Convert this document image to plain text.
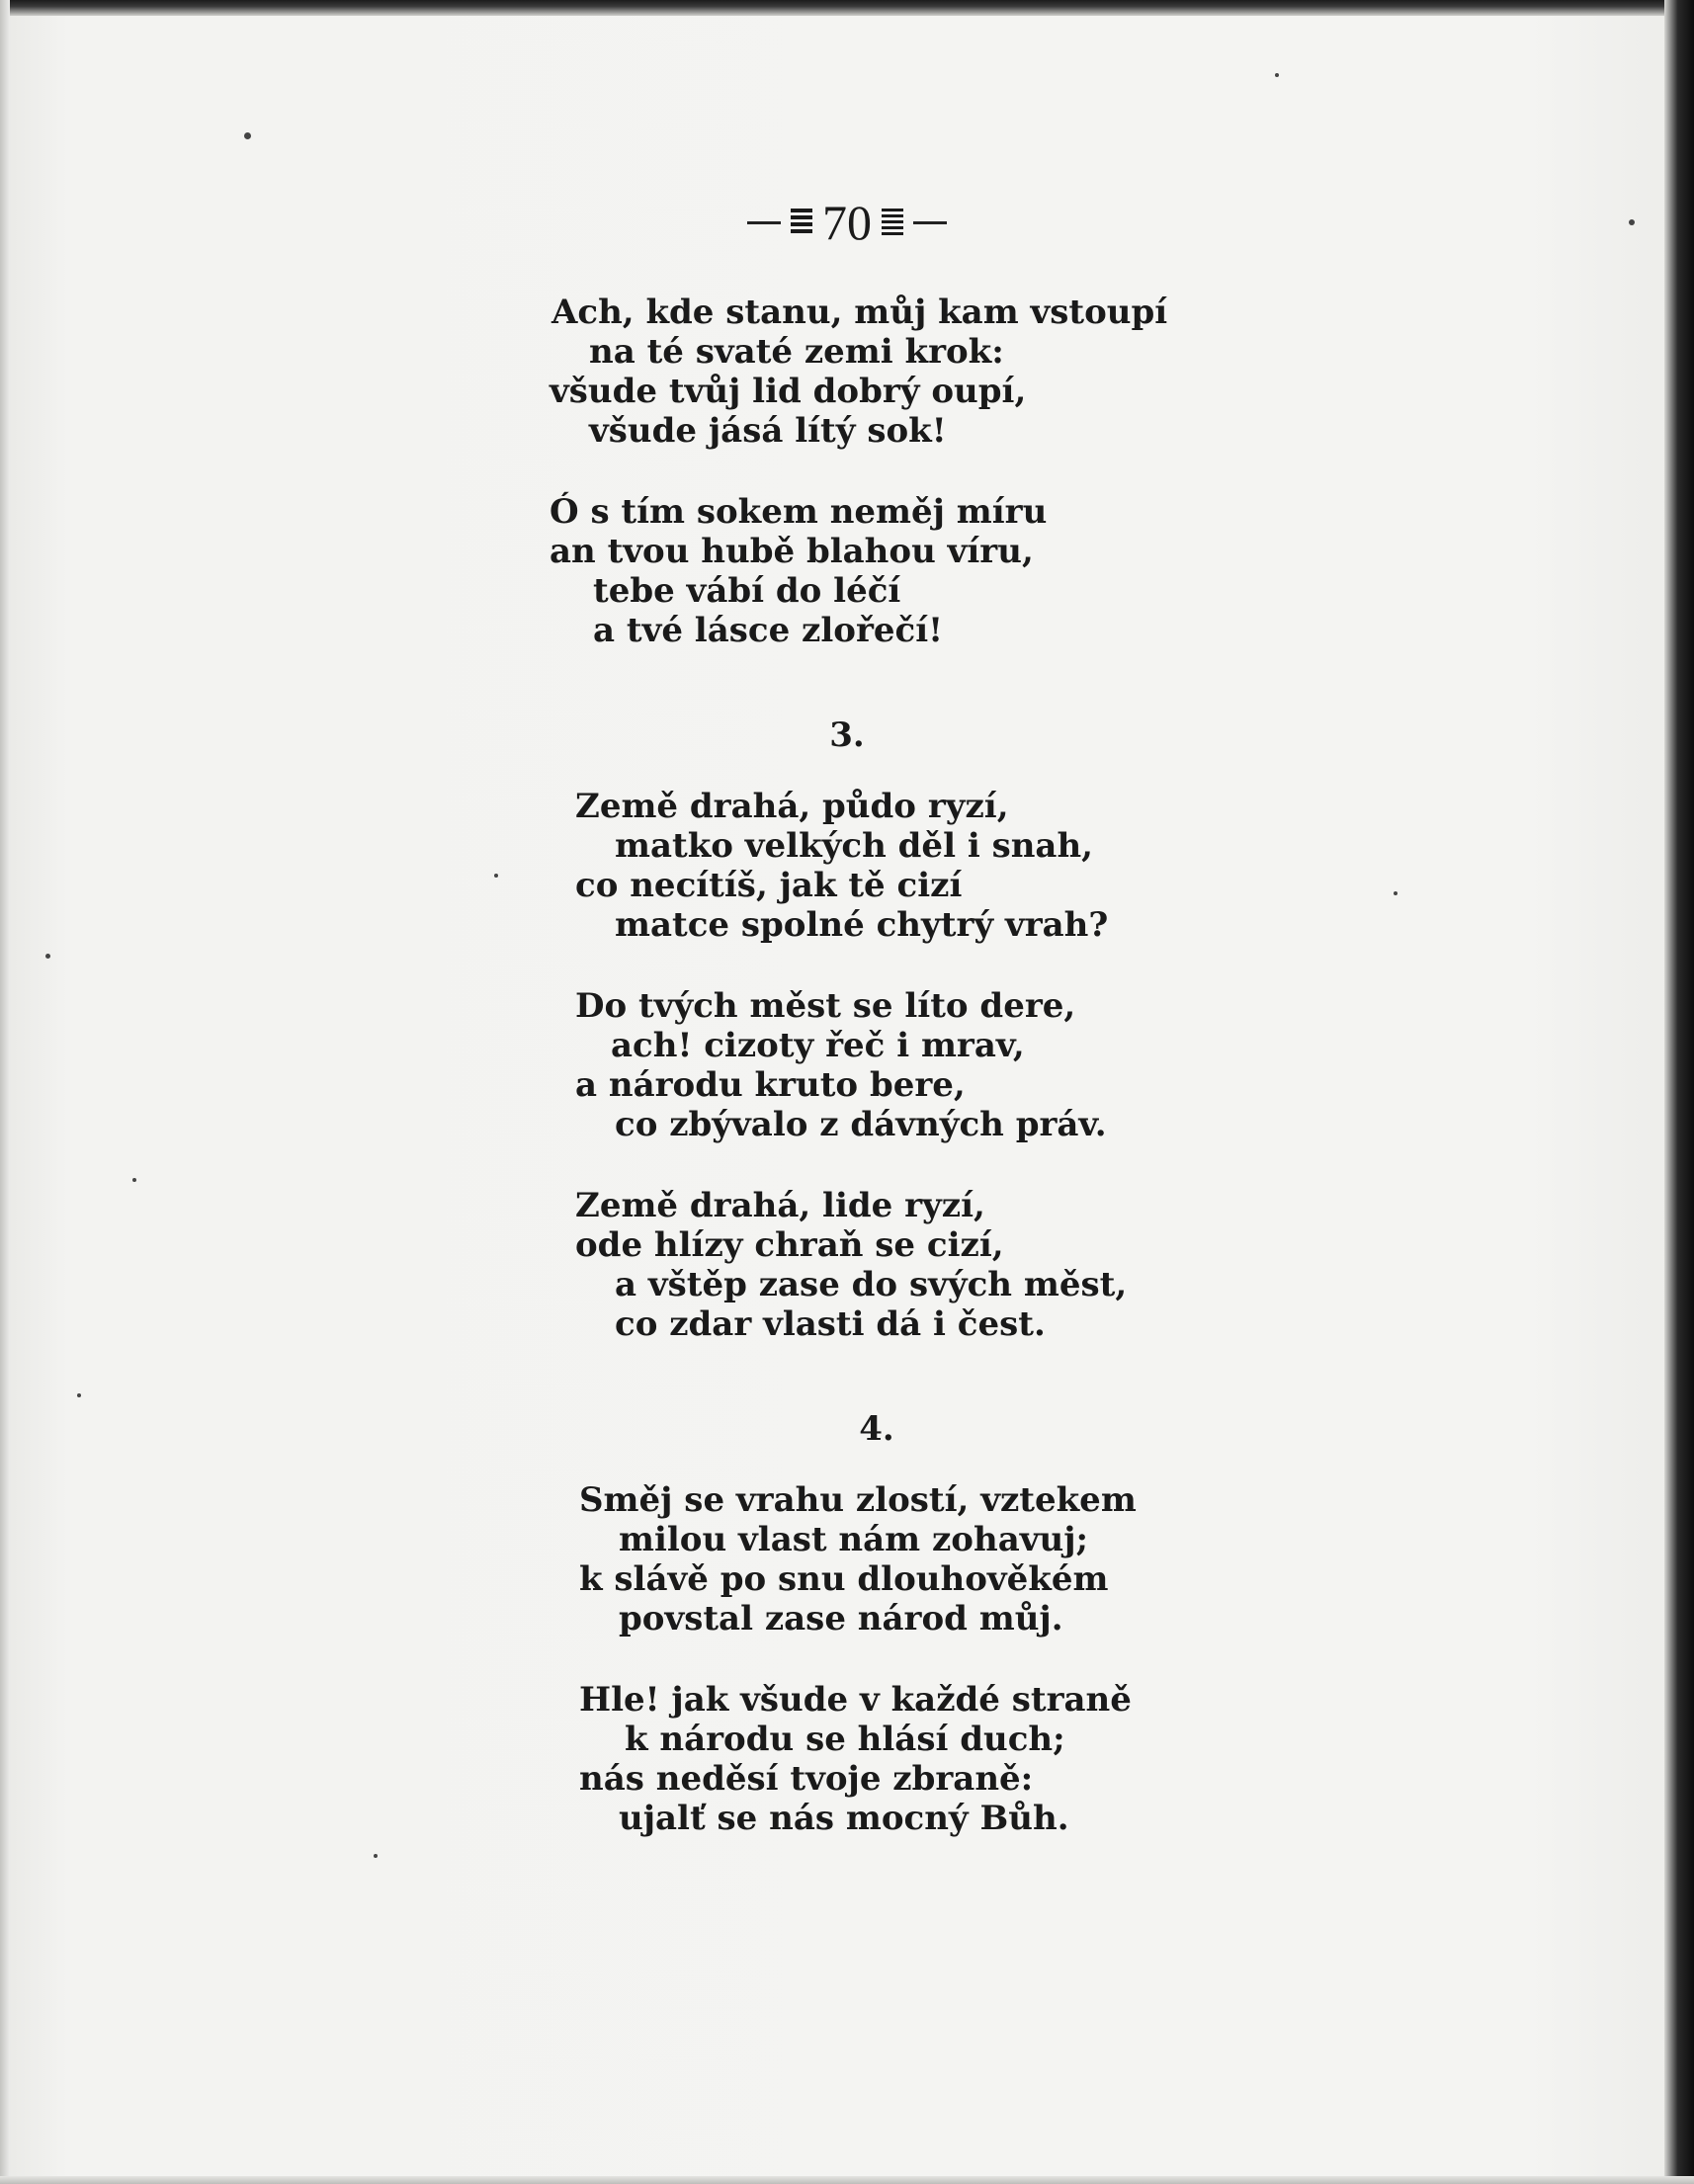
70
Ach, kde stanu, můj kam vstoupí
na té svaté zemi krok:
všude tvůj lid dobrý oupí,
všude jásá lítý sok!
Ó s tím sokem neměj míru
an tvou hubě blahou víru,
tebe vábí do léčí
a tvé lásce zlořečí!
3.
Země drahá, půdo ryzí,
matko velkých děl i snah,
co necítíš, jak tě cizí
matce spolné chytrý vrah?
Do tvých měst se líto dere,
ach! cizoty řeč i mrav,
a národu kruto bere,
co zbývalo z dávných práv.
Země drahá, lide ryzí,
ode hlízy chraň se cizí,
a vštěp zase do svých měst,
co zdar vlasti dá i čest.
4.
Směj se vrahu zlostí, vztekem
milou vlast nám zohavuj;
k slávě po snu dlouhověkém
povstal zase národ můj.
Hle! jak všude v každé straně
k národu se hlásí duch;
nás neděsí tvoje zbraně:
ujalť se nás mocný Bůh.
